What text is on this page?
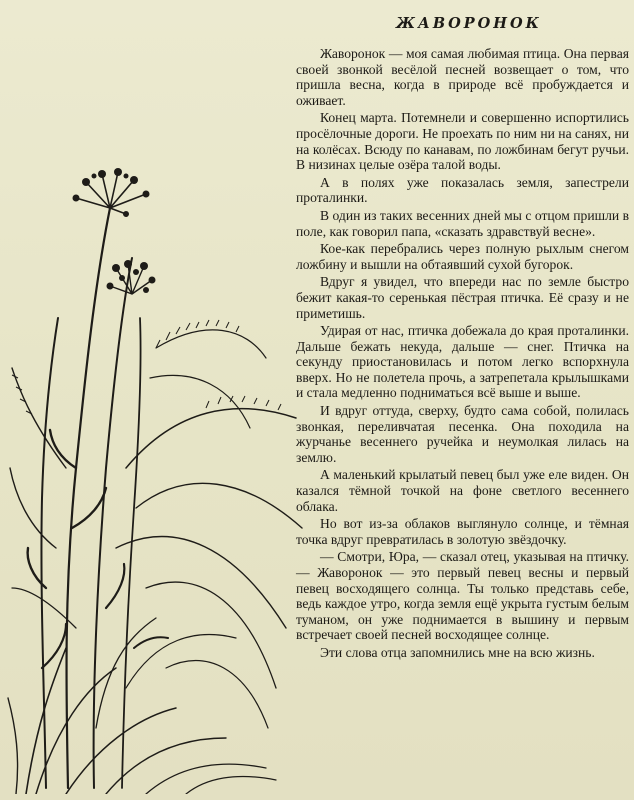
ЖАВОРОНОК

Жаворонок — моя самая любимая птица. Она первая своей звонкой весёлой песней возвещает о том, что пришла весна, когда в природе всё пробуждается и оживает.

Конец марта. Потемнели и совершенно испортились просёлочные дороги. Не проехать по ним ни на санях, ни на колёсах. Всюду по канавам, по ложбинам бегут ручьи. В низинах целые озёра талой воды.

А в полях уже показалась земля, запестрели проталинки.

В один из таких весенних дней мы с отцом пришли в поле, как говорил папа, «сказать здравствуй весне».

Кое-как перебрались через полную рыхлым снегом ложбину и вышли на обтаявший сухой бугорок.

Вдруг я увидел, что впереди нас по земле быстро бежит какая-то серенькая пёстрая птичка. Её сразу и не приметишь.

Удирая от нас, птичка добежала до края проталинки. Дальше бежать некуда, дальше — снег. Птичка на секунду приостановилась и потом легко вспорхнула вверх. Но не полетела прочь, а затрепетала крылышками и стала медленно подниматься всё выше и выше.

И вдруг оттуда, сверху, будто сама собой, полилась звонкая, переливчатая песенка. Она походила на журчанье весеннего ручейка и неумолкая лилась на землю.

А маленький крылатый певец был уже еле виден. Он казался тёмной точкой на фоне светлого весеннего облака.

Но вот из-за облаков выглянуло солнце, и тёмная точка вдруг превратилась в золотую звёздочку.

— Смотри, Юра, — сказал отец, указывая на птичку. — Жаворонок — это первый певец весны и первый певец восходящего солнца. Ты только представь себе, ведь каждое утро, когда земля ещё укрыта густым белым туманом, он уже поднимается в вышину и первым встречает своей песней восходящее солнце.

Эти слова отца запомнились мне на всю жизнь.
